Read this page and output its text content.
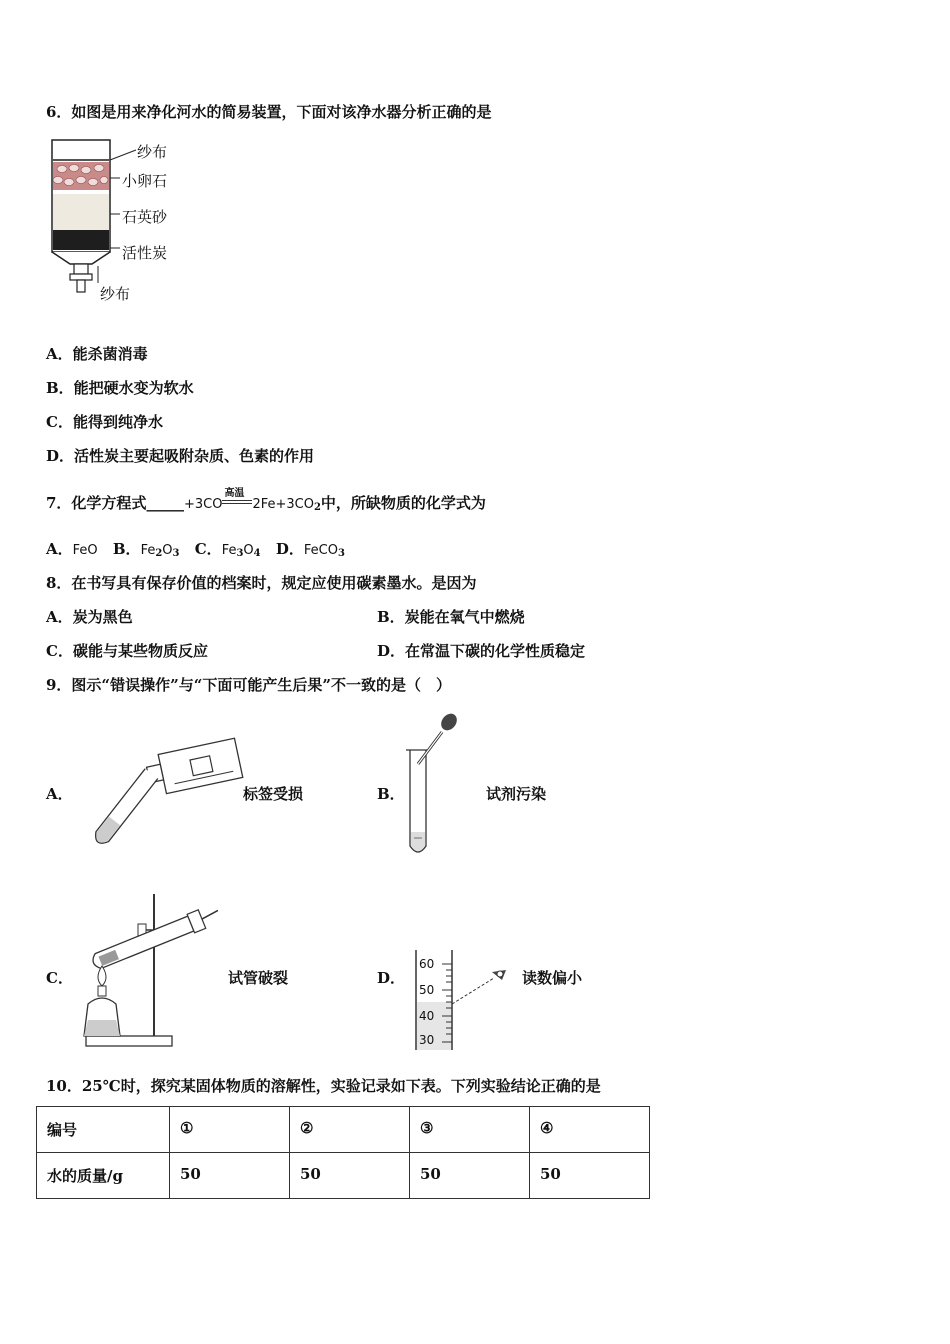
6．如图是用来净化河水的简易装置，下面对该净水器分析正确的是
纱布
小卵石
石英砂
活性炭
纱布
A．能杀菌消毒
B．能把硬水变为软水
C．能得到纯净水
D．活性炭主要起吸附杂质、色素的作用
7．化学方程式_____+3CO
高温
$2Fe+3CO_2$中，所缺物质的化学式为
A．FeO B．$Fe_2O_3$ C．$Fe_3O_4$ D．FeCO$_3$
8．在书写具有保存价值的档案时，规定应使用碳素墨水。是因为
A．炭为黑色	B．炭能在氧气中燃烧
C．碳能与某些物质反应	D．在常温下碳的化学性质稳定
9．图示“错误操作”与“下面可能产生后果”不一致的是（　）
A．	标签受损	B．	试剂污染
C．	试管破裂	D．
60
50
40
30
读数偏小
10．25℃时，探究某固体物质的溶解性，实验记录如下表。下列实验结论正确的是
编号	①	②	③	④
水的质量/g	50	50	50	50
